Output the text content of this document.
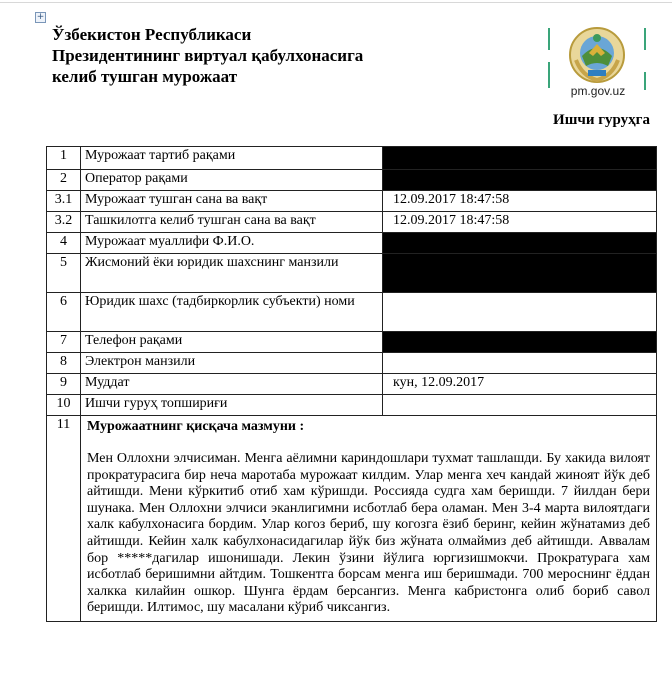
+
Ўзбекистон Республикаси
Президентининг виртуал қабулхонасига
келиб тушган мурожаат
pm.gov.uz
Ишчи гуруҳга
1	Мурожаат тартиб рақами	
2	Оператор рақами	
3.1	Мурожаат тушган сана ва вақт	12.09.2017 18:47:58
3.2	Ташкилотга келиб тушган сана ва вақт	12.09.2017 18:47:58
4	Мурожаат муаллифи Ф.И.О.	
5	Жисмоний ёки юридик шахснинг манзили	
6	Юридик шахс (тадбиркорлик субъекти) номи	
7	Телефон рақами	
8	Электрон манзили	
9	Муддат	кун, 12.09.2017
10	Ишчи гуруҳ топшириғи	
11	Мурожаатнинг қисқача мазмуни :
Мен Оллохни элчисиман. Менга аёлимни кариндошлари тухмат ташлашди. Бу хакида вилоят прократурасига бир неча маротаба мурожаат килдим. Улар менга хеч кандай жиноят йўк деб айтишди. Мени кўркитиб отиб хам кўришди. Россияда судга хам беришди. 7 йилдан бери шунака. Мен Оллохни элчиси эканлигимни исботлаб бера оламан. Мен 3-4 марта вилоятдаги халк кабулхонасига бордим. Улар когоз бериб, шу когозга ёзиб беринг, кейин жўнатамиз деб айтишди. Кейин халк кабулхонасидагилар йўк биз жўната олмаймиз деб айтишди. Аввалам бор *****дагилар ишонишади. Лекин ўзини йўлига юргизишмокчи. Прократурага хам исботлаб беришимни айтдим. Тошкентга борсам менга иш беришмади. 700 мероснинг ёддан халкка килайин ошкор. Шунга ёрдам берсангиз. Менга кабристонга олиб бориб савол беришди. Илтимос, шу масалани кўриб чиксангиз.	
